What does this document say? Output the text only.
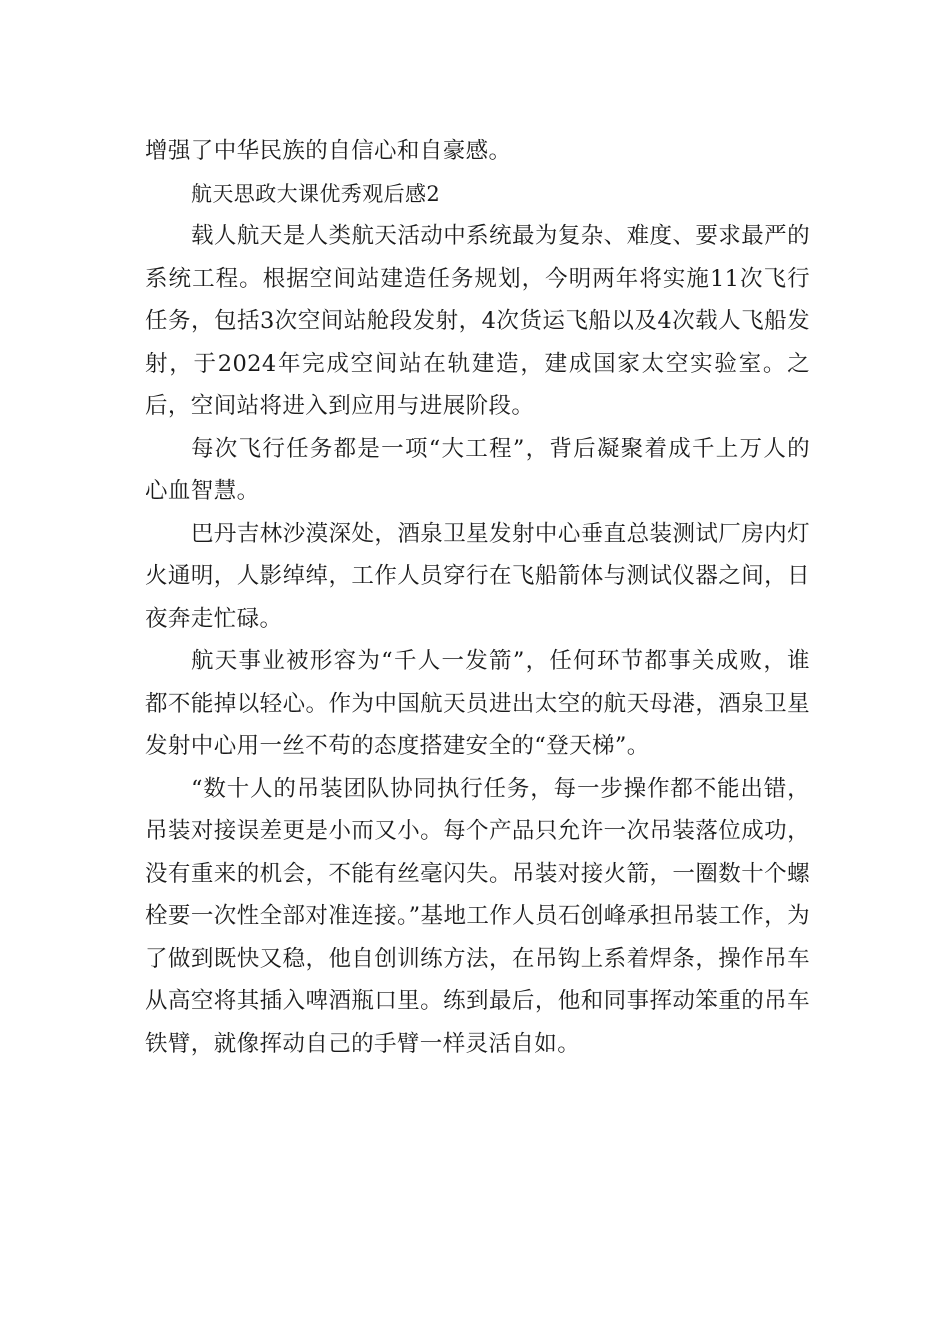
增强了中华民族的自信心和自豪感。

航天思政大课优秀观后感2

载人航天是人类航天活动中系统最为复杂、难度、要求最严的系统工程。根据空间站建造任务规划，今明两年将实施11次飞行任务，包括3次空间站舱段发射，4次货运飞船以及4次载人飞船发射，于2024年完成空间站在轨建造，建成国家太空实验室。之后，空间站将进入到应用与进展阶段。

每次飞行任务都是一项“大工程”，背后凝聚着成千上万人的心血智慧。

巴丹吉林沙漠深处，酒泉卫星发射中心垂直总装测试厂房内灯火通明，人影绰绰，工作人员穿行在飞船箭体与测试仪器之间，日夜奔走忙碌。

航天事业被形容为“千人一发箭”，任何环节都事关成败，谁都不能掉以轻心。作为中国航天员进出太空的航天母港，酒泉卫星发射中心用一丝不苟的态度搭建安全的“登天梯”。

“数十人的吊装团队协同执行任务，每一步操作都不能出错，吊装对接误差更是小而又小。每个产品只允许一次吊装落位成功，没有重来的机会，不能有丝毫闪失。吊装对接火箭，一圈数十个螺栓要一次性全部对准连接。”基地工作人员石创峰承担吊装工作，为了做到既快又稳，他自创训练方法，在吊钩上系着焊条，操作吊车从高空将其插入啤酒瓶口里。练到最后，他和同事挥动笨重的吊车铁臂，就像挥动自己的手臂一样灵活自如。
